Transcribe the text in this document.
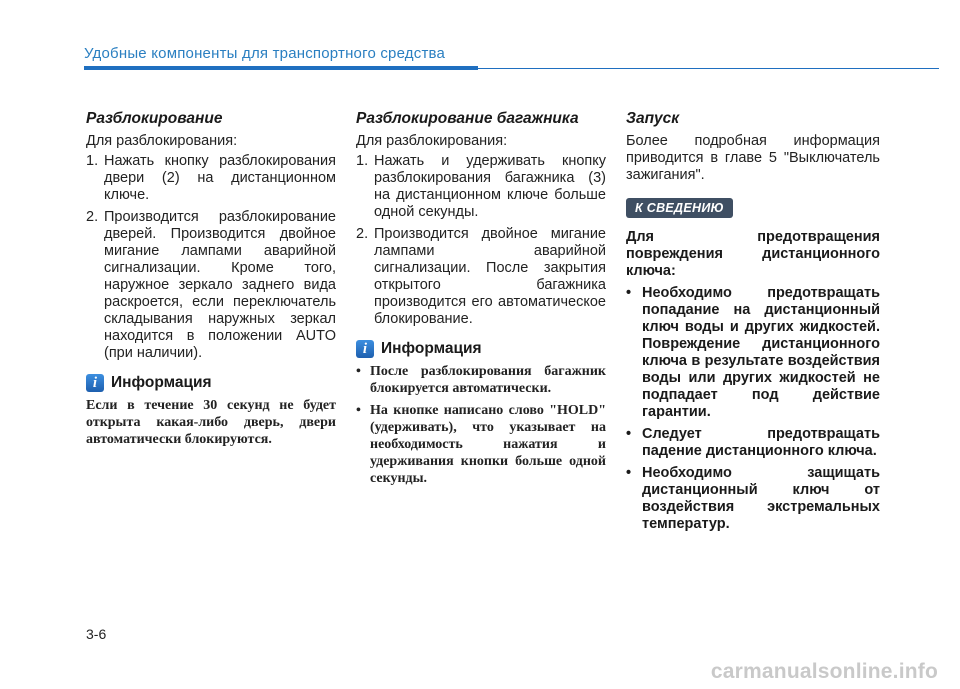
Удобные компоненты для транспортного средства
Разблокирование
Для разблокирования:
1. Нажать кнопку разблокирования двери (2) на дистанционном ключе.
2. Производится разблокирование дверей. Производится двойное мигание лампами аварийной сигнализации. Кроме того, наружное зеркало заднего вида раскроется, если переключатель складывания наружных зеркал находится в положении AUTO (при наличии).
i Информация
Если в течение 30 секунд не будет открыта какая-либо дверь, двери автоматически блокируются.
Разблокирование багажника
Для разблокирования:
1. Нажать и удерживать кнопку разблокирования багажника (3) на дистанционном ключе больше одной секунды.
2. Производится двойное мигание лампами аварийной сигнализации. После закрытия открытого багажника производится его автоматическое блокирование.
i Информация
• После разблокирования багажник блокируется автоматически.
• На кнопке написано слово "HOLD" (удерживать), что указывает на необходимость нажатия и удерживания кнопки больше одной секунды.
Запуск
Более подробная информация приводится в главе 5 "Выключатель зажигания".
К СВЕДЕНИЮ
Для предотвращения повреждения дистанционного ключа:
• Необходимо предотвращать попадание на дистанционный ключ воды и других жидкостей. Повреждение дистанционного ключа в результате воздействия воды или других жидкостей не подпадает под действие гарантии.
• Следует предотвращать падение дистанционного ключа.
• Необходимо защищать дистанционный ключ от воздействия экстремальных температур.
3-6
carmanualsonline.info
